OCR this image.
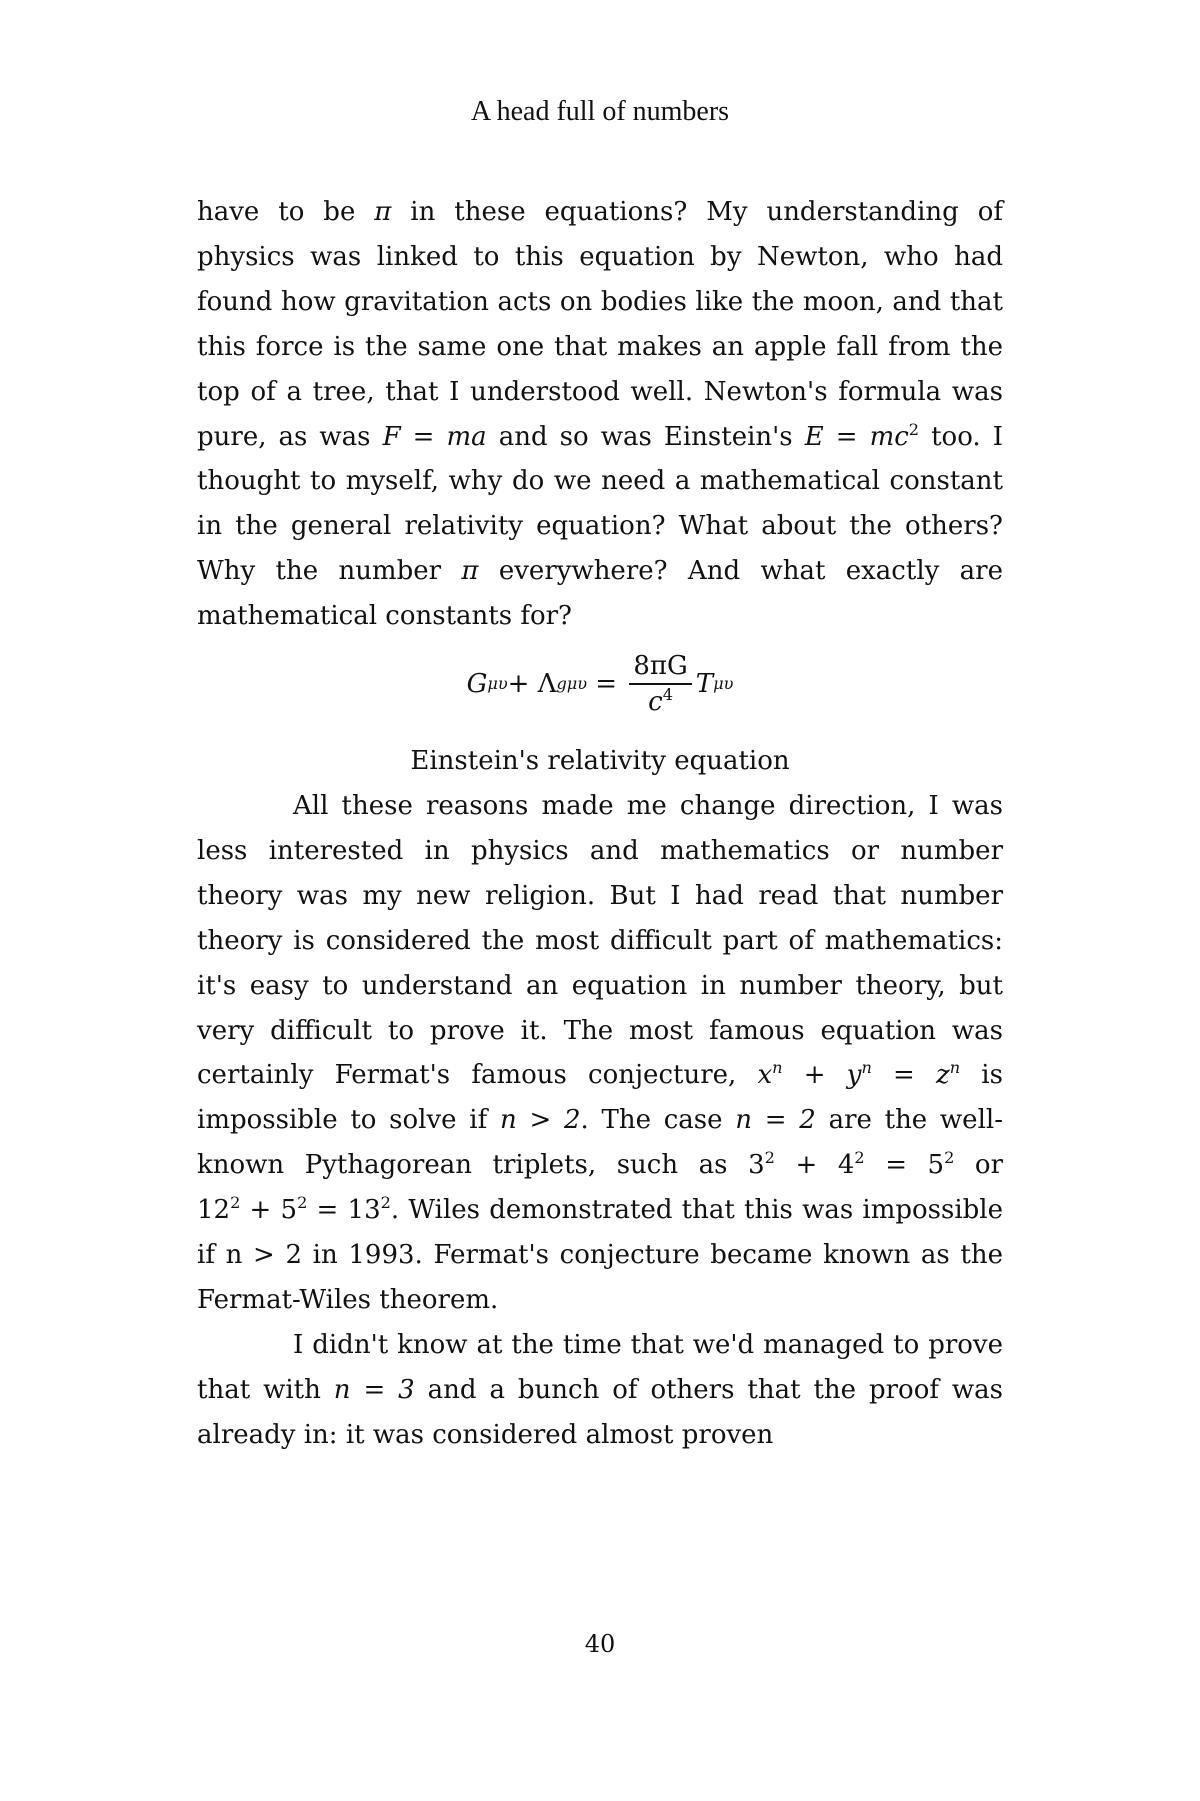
A head full of numbers

have to be π in these equations? My understanding of physics was linked to this equation by Newton, who had found how gravitation acts on bodies like the moon, and that this force is the same one that makes an apple fall from the top of a tree, that I understood well. Newton's formula was pure, as was F = ma and so was Einstein's $E = mc^2$ too. I thought to myself, why do we need a mathematical constant in the general relativity equation? What about the others? Why the number π everywhere? And what exactly are mathematical constants for?

G μυ + Λ $g\mu\upsilon = \frac{8\pi G}{c^4}$ T μυ

Einstein's relativity equation

All these reasons made me change direction, I was less interested in physics and mathematics or number theory was my new religion. But I had read that number theory is considered the most difficult part of mathematics: it's easy to understand an equation in number theory, but very difficult to prove it. The most famous equation was certainly Fermat's famous conjecture, $x^n + y^n = z^n$ is impossible to solve if n > 2. The case n = 2 are the well-known Pythagorean triplets, such as $3^2 + 4^2 = 5^2$ or $12^2 + 5^2 = 13^2$. Wiles demonstrated that this was impossible if n > 2 in 1993. Fermat's conjecture became known as the Fermat-Wiles theorem.

I didn't know at the time that we'd managed to prove that with n = 3 and a bunch of others that the proof was already in: it was considered almost proven

40
